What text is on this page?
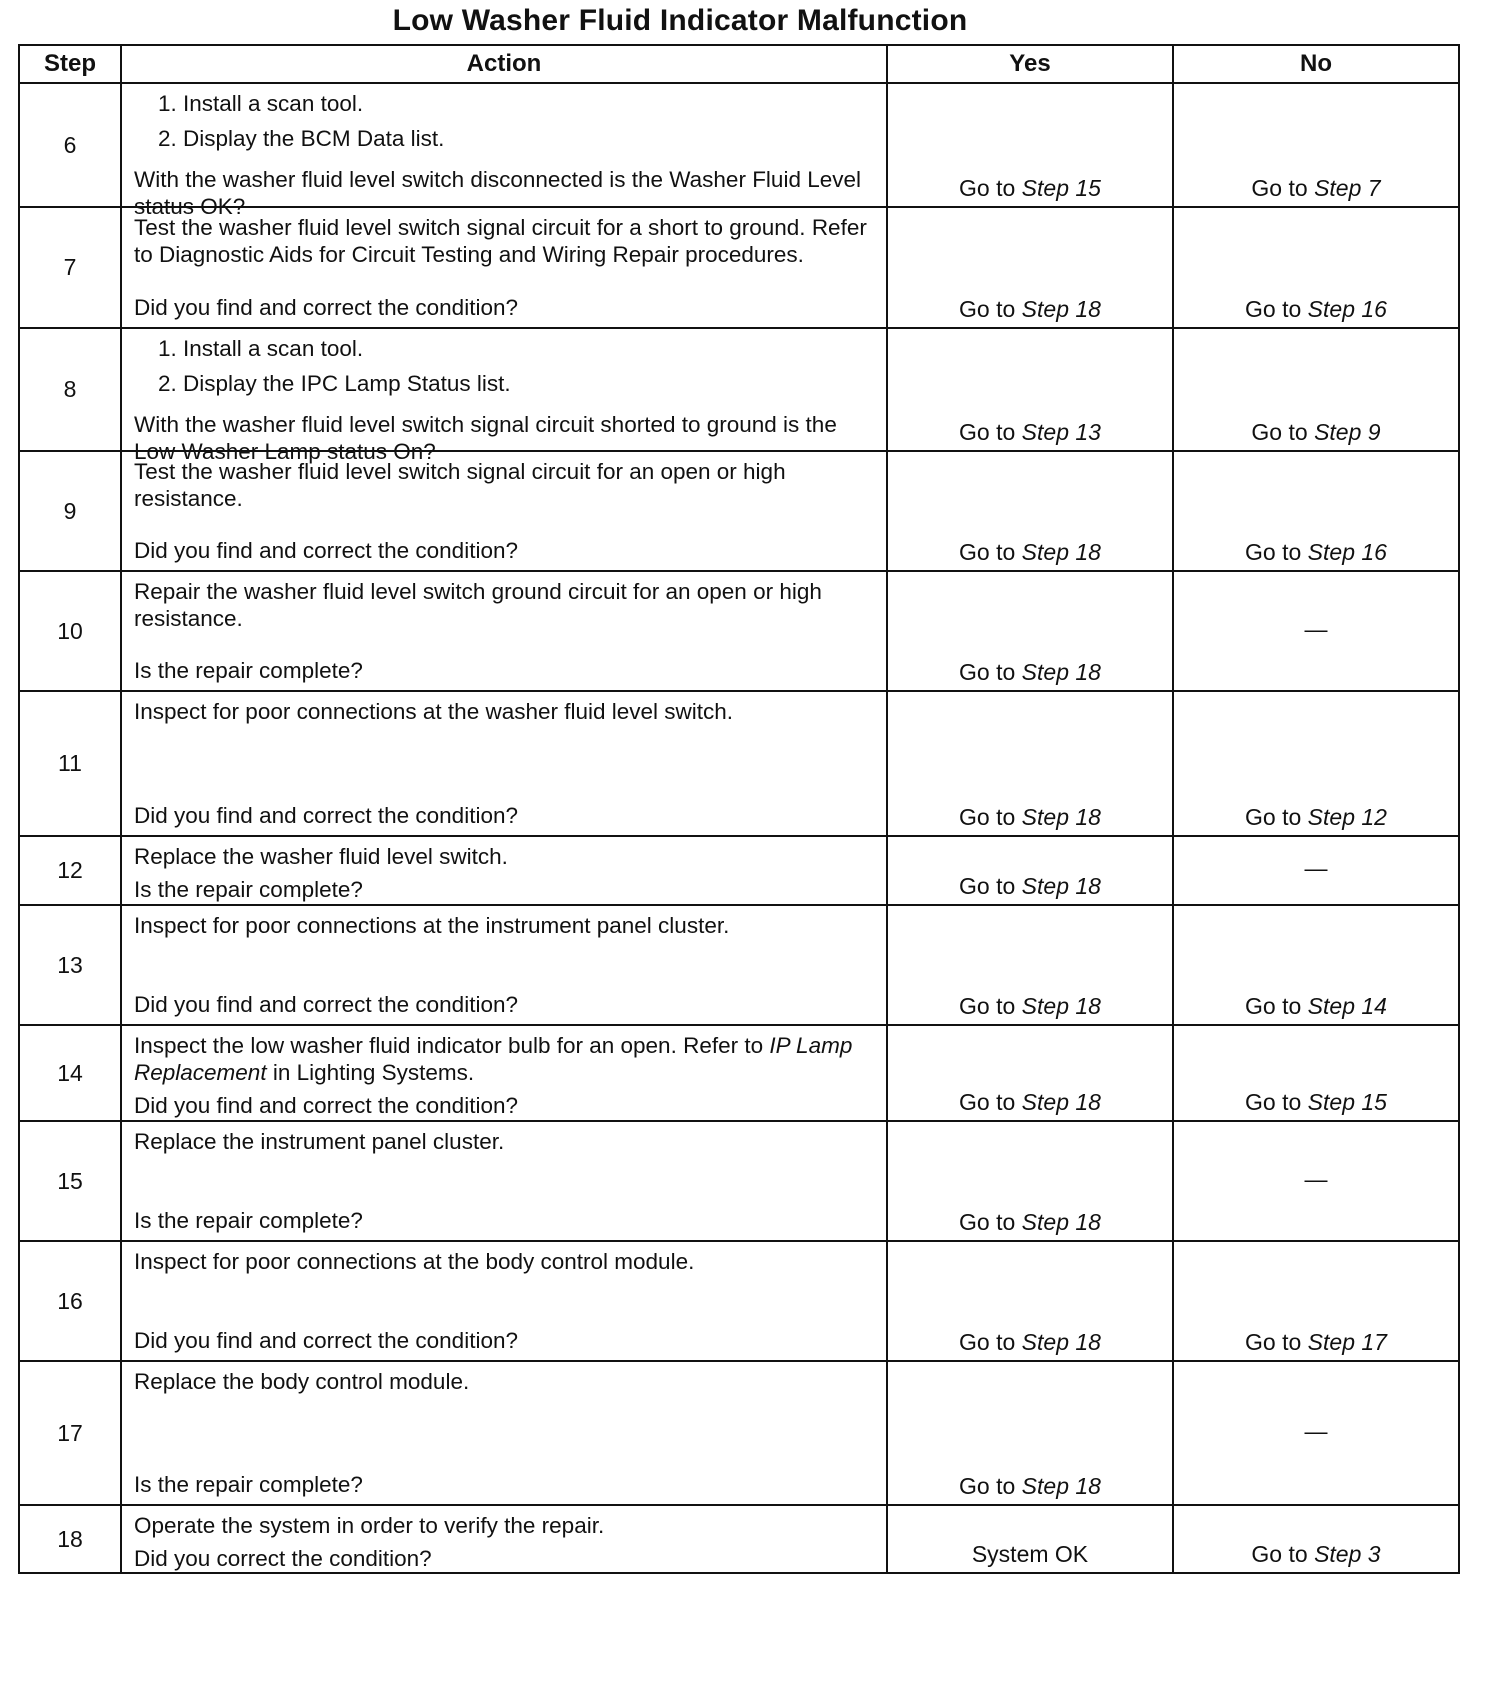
Low Washer Fluid Indicator Malfunction
Step	Action	Yes	No
6	1. Install a scan tool.
2. Display the BCM Data list.
With the washer fluid level switch disconnected is the Washer Fluid Level status OK?	Go to Step 15	Go to Step 7
7	Test the washer fluid level switch signal circuit for a short to ground. Refer to Diagnostic Aids for Circuit Testing and Wiring Repair procedures.
Did you find and correct the condition?	Go to Step 18	Go to Step 16
8	1. Install a scan tool.
2. Display the IPC Lamp Status list.
With the washer fluid level switch signal circuit shorted to ground is the Low Washer Lamp status On?	Go to Step 13	Go to Step 9
9	Test the washer fluid level switch signal circuit for an open or high resistance.
Did you find and correct the condition?	Go to Step 18	Go to Step 16
10	Repair the washer fluid level switch ground circuit for an open or high resistance.
Is the repair complete?	Go to Step 18	—
11	Inspect for poor connections at the washer fluid level switch.
Did you find and correct the condition?	Go to Step 18	Go to Step 12
12	Replace the washer fluid level switch.
Is the repair complete?	Go to Step 18	—
13	Inspect for poor connections at the instrument panel cluster.
Did you find and correct the condition?	Go to Step 18	Go to Step 14
14	Inspect the low washer fluid indicator bulb for an open. Refer to IP Lamp Replacement in Lighting Systems.
Did you find and correct the condition?	Go to Step 18	Go to Step 15
15	Replace the instrument panel cluster.
Is the repair complete?	Go to Step 18	—
16	Inspect for poor connections at the body control module.
Did you find and correct the condition?	Go to Step 18	Go to Step 17
17	Replace the body control module.
Is the repair complete?	Go to Step 18	—
18	Operate the system in order to verify the repair.
Did you correct the condition?	System OK	Go to Step 3
